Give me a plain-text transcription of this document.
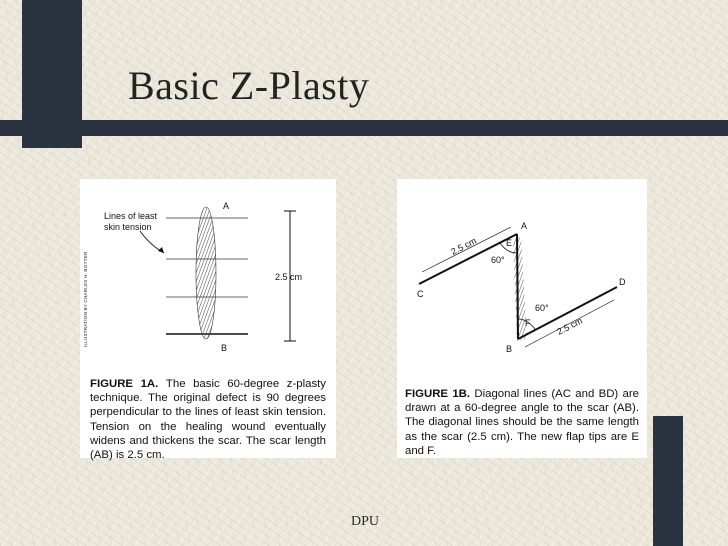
Basic Z-Plasty
Lines of least
skin tension
A
B
2.5 cm
ILLUSTRATION BY CHARLES H. BOYTER
FIGURE 1A. The basic 60-degree z-plasty technique. The original defect is 90 degrees perpendicular to the lines of least skin tension. Tension on the healing wound eventually widens and thickens the scar. The scar length (AB) is 2.5 cm.
A
B
C
D
E
F
60°
60°
2.5 cm
2.5 cm
FIGURE 1B. Diagonal lines (AC and BD) are drawn at a 60-degree angle to the scar (AB). The diagonal lines should be the same length as the scar (2.5 cm). The new flap tips are E and F.
DPU
